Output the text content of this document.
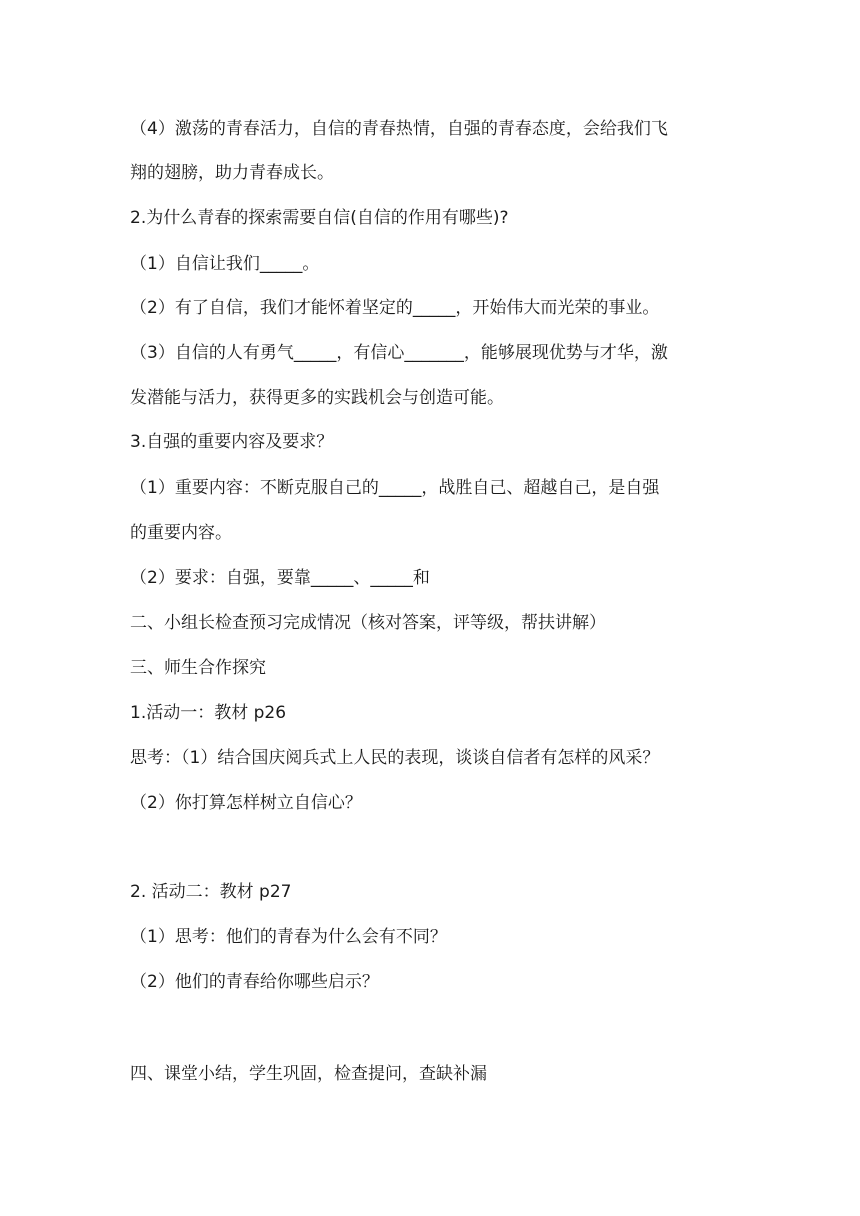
（4）激荡的青春活力，自信的青春热情，自强的青春态度，会给我们飞
翔的翅膀，助力青春成长。
2.为什么青春的探索需要自信(自信的作用有哪些)?
（1）自信让我们_____。
（2）有了自信，我们才能怀着坚定的_____，开始伟大而光荣的事业。
（3）自信的人有勇气_____，有信心_______，能够展现优势与才华，激
发潜能与活力，获得更多的实践机会与创造可能。
3.自强的重要内容及要求？
（1）重要内容：不断克服自己的_____，战胜自己、超越自己，是自强
的重要内容。
（2）要求：自强，要靠_____、_____和
二、小组长检查预习完成情况（核对答案，评等级，帮扶讲解）
三、师生合作探究
1.活动一：教材 p26
思考：（1）结合国庆阅兵式上人民的表现，谈谈自信者有怎样的风采？
（2）你打算怎样树立自信心？
2. 活动二：教材 p27
（1）思考：他们的青春为什么会有不同？
（2）他们的青春给你哪些启示？
四、课堂小结，学生巩固，检查提问，查缺补漏
